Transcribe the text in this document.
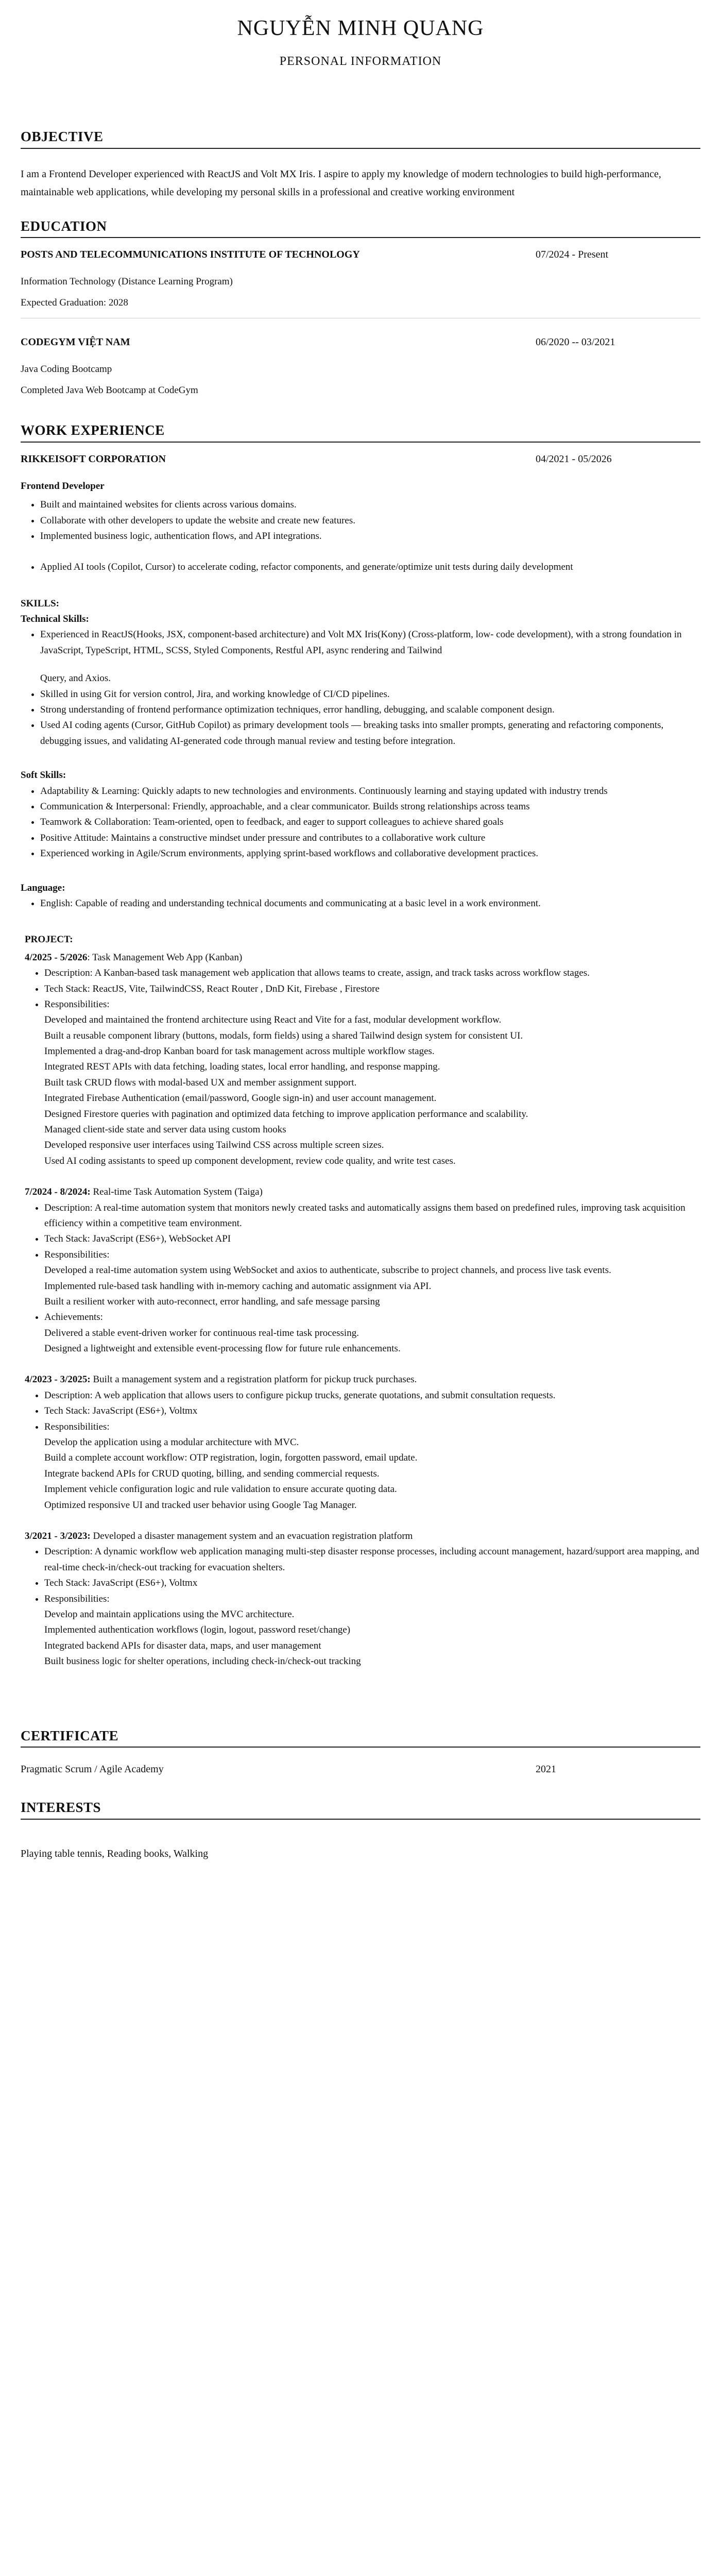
NGUYỄN MINH QUANG
PERSONAL INFORMATION
OBJECTIVE

I am a Frontend Developer experienced with ReactJS and Volt MX Iris. I aspire to apply my knowledge of modern technologies to build high-performance, maintainable web applications, while developing my personal skills in a professional and creative working environment

EDUCATION
POSTS AND TELECOMMUNICATIONS INSTITUTE OF TECHNOLOGY	07/2024 - Present
Information Technology (Distance Learning Program)
Expected Graduation: 2028
CODEGYM VIỆT NAM	06/2020 -- 03/2021
Java Coding Bootcamp
Completed Java Web Bootcamp at CodeGym
WORK EXPERIENCE
RIKKEISOFT CORPORATION	04/2021 - 05/2026
Frontend Developer
• Built and maintained websites for clients across various domains.
• Collaborate with other developers to update the website and create new features.
• Implemented business logic, authentication flows, and API integrations.
• Applied AI tools (Copilot, Cursor) to accelerate coding, refactor components, and generate/optimize unit tests during daily development
SKILLS:
Technical Skills:
• Experienced in ReactJS(Hooks, JSX, component-based architecture) and Volt MX Iris(Kony) (Cross-platform, low- code development), with a strong foundation in JavaScript, TypeScript, HTML, SCSS, Styled Components, Restful API, async rendering and Tailwind
Query, and Axios.
• Skilled in using Git for version control, Jira, and working knowledge of CI/CD pipelines.
• Strong understanding of frontend performance optimization techniques, error handling, debugging, and scalable component design.
• Used AI coding agents (Cursor, GitHub Copilot) as primary development tools — breaking tasks into smaller prompts, generating and refactoring components, debugging issues, and validating AI-generated code through manual review and testing before integration.
Soft Skills:
• Adaptability & Learning: Quickly adapts to new technologies and environments. Continuously learning and staying updated with industry trends
• Communication & Interpersonal: Friendly, approachable, and a clear communicator. Builds strong relationships across teams
• Teamwork & Collaboration: Team-oriented, open to feedback, and eager to support colleagues to achieve shared goals
• Positive Attitude: Maintains a constructive mindset under pressure and contributes to a collaborative work culture
• Experienced working in Agile/Scrum environments, applying sprint-based workflows and collaborative development practices.
Language:
• English: Capable of reading and understanding technical documents and communicating at a basic level in a work environment.
PROJECT:
4/2025 - 5/2026: Task Management Web App (Kanban)
• Description: A Kanban-based task management web application that allows teams to create, assign, and track tasks across workflow stages.
• Tech Stack: ReactJS, Vite, TailwindCSS, React Router , DnD Kit, Firebase , Firestore
• Responsibilities:
Developed and maintained the frontend architecture using React and Vite for a fast, modular development workflow.
Built a reusable component library (buttons, modals, form fields) using a shared Tailwind design system for consistent UI.
Implemented a drag-and-drop Kanban board for task management across multiple workflow stages.
Integrated REST APIs with data fetching, loading states, local error handling, and response mapping.
Built task CRUD flows with modal-based UX and member assignment support.
Integrated Firebase Authentication (email/password, Google sign-in) and user account management.
Designed Firestore queries with pagination and optimized data fetching to improve application performance and scalability.
Managed client-side state and server data using custom hooks
Developed responsive user interfaces using Tailwind CSS across multiple screen sizes.
Used AI coding assistants to speed up component development, review code quality, and write test cases.
7/2024 - 8/2024: Real-time Task Automation System (Taiga)
• Description: A real-time automation system that monitors newly created tasks and automatically assigns them based on predefined rules, improving task acquisition efficiency within a competitive team environment.
• Tech Stack: JavaScript (ES6+), WebSocket API
• Responsibilities:
Developed a real-time automation system using WebSocket and axios to authenticate, subscribe to project channels, and process live task events.
Implemented rule-based task handling with in-memory caching and automatic assignment via API.
Built a resilient worker with auto-reconnect, error handling, and safe message parsing
• Achievements:
Delivered a stable event-driven worker for continuous real-time task processing.
Designed a lightweight and extensible event-processing flow for future rule enhancements.
4/2023 - 3/2025: Built a management system and a registration platform for pickup truck purchases.
• Description: A web application that allows users to configure pickup trucks, generate quotations, and submit consultation requests.
• Tech Stack: JavaScript (ES6+), Voltmx
• Responsibilities:
Develop the application using a modular architecture with MVC.
Build a complete account workflow: OTP registration, login, forgotten password, email update.
Integrate backend APIs for CRUD quoting, billing, and sending commercial requests.
Implement vehicle configuration logic and rule validation to ensure accurate quoting data.
Optimized responsive UI and tracked user behavior using Google Tag Manager.
3/2021 - 3/2023: Developed a disaster management system and an evacuation registration platform
• Description: A dynamic workflow web application managing multi-step disaster response processes, including account management, hazard/support area mapping, and real-time check-in/check-out tracking for evacuation shelters.
• Tech Stack: JavaScript (ES6+), Voltmx
• Responsibilities:
Develop and maintain applications using the MVC architecture.
Implemented authentication workflows (login, logout, password reset/change)
Integrated backend APIs for disaster data, maps, and user management
Built business logic for shelter operations, including check-in/check-out tracking
CERTIFICATE
Pragmatic Scrum / Agile Academy	2021
INTERESTS
Playing table tennis, Reading books, Walking
